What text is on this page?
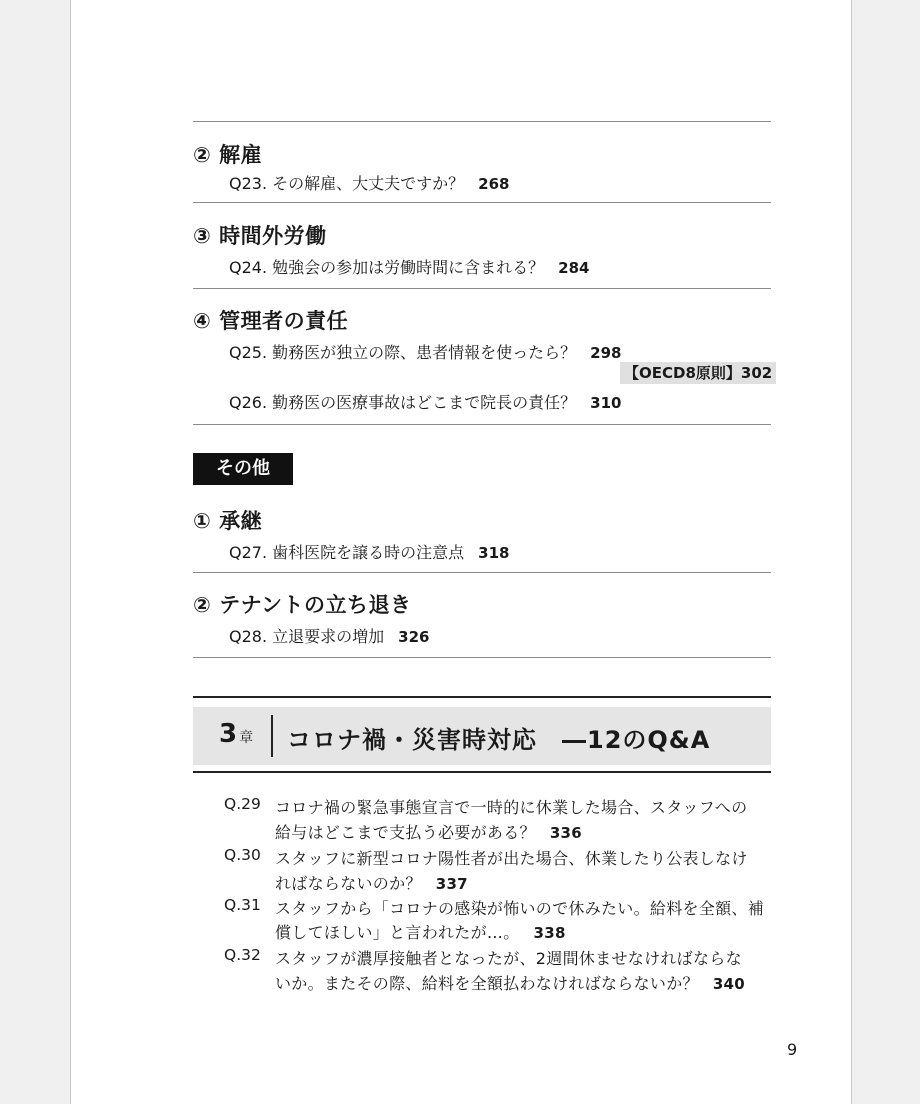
② 解雇
Q23. その解雇、大丈夫ですか？ 268
③ 時間外労働
Q24. 勉強会の参加は労働時間に含まれる？ 284
④ 管理者の責任
Q25. 勤務医が独立の際、患者情報を使ったら？ 298
【OECD8原則】302
Q26. 勤務医の医療事故はどこまで院長の責任？ 310
その他
① 承継
Q27. 歯科医院を譲る時の注意点 318
② テナントの立ち退き
Q28. 立退要求の増加 326
3 章 コロナ禍・災害時対応　―12のQ&A
Q.29 コロナ禍の緊急事態宣言で一時的に休業した場合、スタッフへの
給与はどこまで支払う必要がある？ 336
Q.30 スタッフに新型コロナ陽性者が出た場合、休業したり公表しなけ
ればならないのか？ 337
Q.31 スタッフから「コロナの感染が怖いので休みたい。給料を全額、補
償してほしい」と言われたが…。 338
Q.32 スタッフが濃厚接触者となったが、2週間休ませなければならな
いか。またその際、給料を全額払わなければならないか？ 340
9
